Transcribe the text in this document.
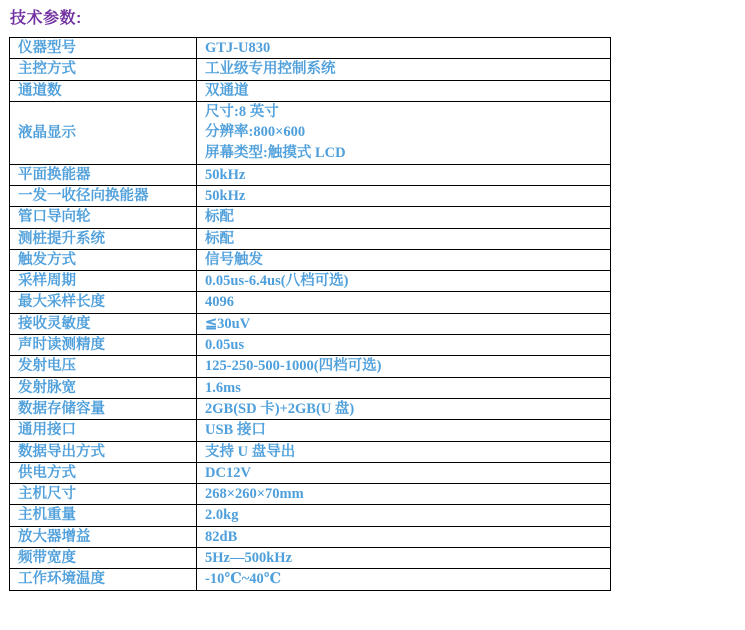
技术参数:
仪器型号	GTJ-U830
主控方式	工业级专用控制系统
通道数	双通道
液晶显示	尺寸:8 英寸
分辨率:800×600
屏幕类型:触摸式 LCD

平面换能器	50kHz
一发一收径向换能器	50kHz
管口导向轮	标配
测桩提升系统	标配
触发方式	信号触发
采样周期	0.05us-6.4us(八档可选)
最大采样长度	4096
接收灵敏度	≦30uV
声时读测精度	0.05us
发射电压	125-250-500-1000(四档可选)
发射脉宽	1.6ms
数据存储容量	2GB(SD 卡)+2GB(U 盘)
通用接口	USB 接口
数据导出方式	支持 U 盘导出
供电方式	DC12V
主机尺寸	268×260×70mm
主机重量	2.0kg
放大器增益	82dB
频带宽度	5Hz—500kHz
工作环境温度	-10℃~40℃
